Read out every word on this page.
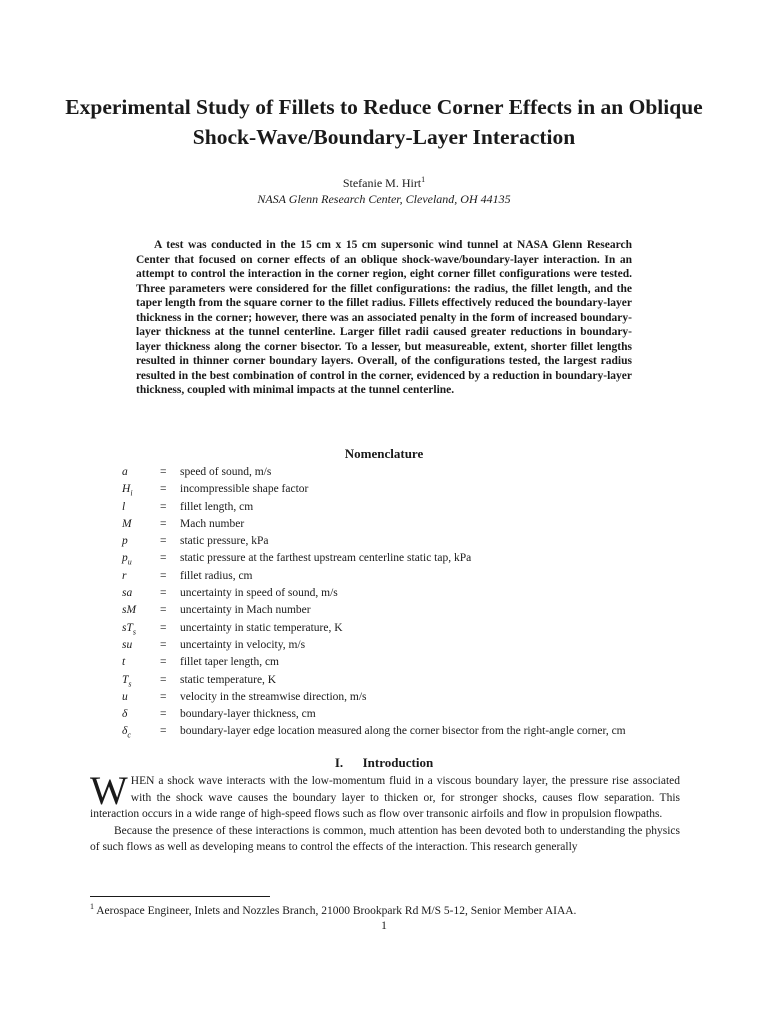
Experimental Study of Fillets to Reduce Corner Effects in an Oblique Shock-Wave/Boundary-Layer Interaction
Stefanie M. Hirt$^1$
NASA Glenn Research Center, Cleveland, OH 44135
A test was conducted in the 15 cm x 15 cm supersonic wind tunnel at NASA Glenn Research Center that focused on corner effects of an oblique shock-wave/boundary-layer interaction. In an attempt to control the interaction in the corner region, eight corner fillet configurations were tested. Three parameters were considered for the fillet configurations: the radius, the fillet length, and the taper length from the square corner to the fillet radius. Fillets effectively reduced the boundary-layer thickness in the corner; however, there was an associated penalty in the form of increased boundary-layer thickness at the tunnel centerline. Larger fillet radii caused greater reductions in boundary-layer thickness along the corner bisector. To a lesser, but measureable, extent, shorter fillet lengths resulted in thinner corner boundary layers. Overall, of the configurations tested, the largest radius resulted in the best combination of control in the corner, evidenced by a reduction in boundary-layer thickness, coupled with minimal impacts at the tunnel centerline.
Nomenclature
a	= speed of sound, m/s
$H_i$ = incompressible shape factor
l	= fillet length, cm
M = Mach number
p	= static pressure, kPa
$p_u$ = static pressure at the farthest upstream centerline static tap, kPa
r	= fillet radius, cm
sa = uncertainty in speed of sound, m/s
sM = uncertainty in Mach number
$sT_s$ = uncertainty in static temperature, K
su = uncertainty in velocity, m/s
t	= fillet taper length, cm
$T_s$ = static temperature, K
u	= velocity in the streamwise direction, m/s
δ	= boundary-layer thickness, cm
$\delta_c$	= boundary-layer edge location measured along the corner bisector from the right-angle corner, cm
I.      Introduction

WHEN a shock wave interacts with the low-momentum fluid in a viscous boundary layer, the pressure rise associated with the shock wave causes the boundary layer to thicken or, for stronger shocks, causes flow separation. This interaction occurs in a wide range of high-speed flows such as flow over transonic airfoils and flow in propulsion flowpaths.

Because the presence of these interactions is common, much attention has been devoted both to understanding the physics of such flows as well as developing means to control the effects of the interaction. This research generally

$^1$ Aerospace Engineer, Inlets and Nozzles Branch, 21000 Brookpark Rd M/S 5-12, Senior Member AIAA.
1
